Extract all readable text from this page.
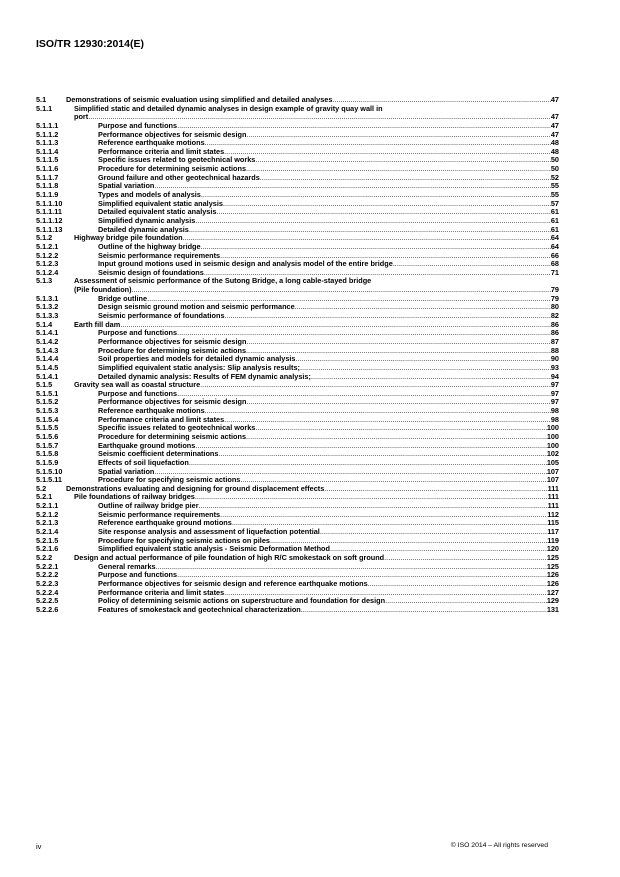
ISO/TR 12930:2014(E)
5.1	Demonstrations of seismic evaluation using simplified and detailed analyses .....	47
5.1.1	Simplified static and detailed dynamic analyses in design example of gravity quay wall in
port .....	47
5.1.1.1	Purpose and functions .....	47
5.1.1.2	Performance objectives for seismic design .....	47
5.1.1.3	Reference earthquake motions .....	48
5.1.1.4	Performance criteria and limit states .....	48
5.1.1.5	Specific issues related to geotechnical works .....	50
5.1.1.6	Procedure for determining seismic actions .....	50
5.1.1.7	Ground failure and other geotechnical hazards .....	52
5.1.1.8	Spatial variation .....	55
5.1.1.9	Types and models of analysis .....	55
5.1.1.10	Simplified equivalent static analysis .....	57
5.1.1.11	Detailed equivalent static analysis .....	61
5.1.1.12	Simplified dynamic analysis .....	61
5.1.1.13	Detailed dynamic analysis .....	61
5.1.2	Highway bridge pile foundation .....	64
5.1.2.1	Outline of the highway bridge .....	64
5.1.2.2	Seismic performance requirements .....	66
5.1.2.3	Input ground motions used in seismic design and analysis model of the entire bridge .....	68
5.1.2.4	Seismic design of foundations .....	71
5.1.3	Assessment of seismic performance of the Sutong Bridge, a long cable-stayed bridge
(Pile foundation) .....	79
5.1.3.1	Bridge outline .....	79
5.1.3.2	Design seismic ground motion and seismic performance .....	80
5.1.3.3	Seismic performance of foundations .....	82
5.1.4	Earth fill dam .....	86
5.1.4.1	Purpose and functions .....	86
5.1.4.2	Performance objectives for seismic design .....	87
5.1.4.3	Procedure for determining seismic actions .....	88
5.1.4.4	Soil properties and models for detailed dynamic analysis .....	90
5.1.4.5	Simplified equivalent static analysis: Slip analysis results; .....	93
5.1.4.1	Detailed dynamic analysis: Results of FEM dynamic analysis; .....	94
5.1.5	Gravity sea wall as coastal structure .....	97
5.1.5.1	Purpose and functions .....	97
5.1.5.2	Performance objectives for seismic design .....	97
5.1.5.3	Reference earthquake motions .....	98
5.1.5.4	Performance criteria and limit states .....	98
5.1.5.5	Specific issues related to geotechnical works .....	100
5.1.5.6	Procedure for determining seismic actions .....	100
5.1.5.7	Earthquake ground motions .....	100
5.1.5.8	Seismic coefficient determinations .....	102
5.1.5.9	Effects of soil liquefaction .....	105
5.1.5.10	Spatial variation .....	107
5.1.5.11	Procedure for specifying seismic actions .....	107
5.2	Demonstrations evaluating and designing for ground displacement effects .....	111
5.2.1	Pile foundations of railway bridges .....	111
5.2.1.1	Outline of railway bridge pier .....	111
5.2.1.2	Seismic performance requirements .....	112
5.2.1.3	Reference earthquake ground motions .....	115
5.2.1.4	Site response analysis and assessment of liquefaction potential .....	117
5.2.1.5	Procedure for specifying seismic actions on piles .....	119
5.2.1.6	Simplified equivalent static analysis - Seismic Deformation Method .....	120
5.2.2	Design and actual performance of pile foundation of high R/C smokestack on soft ground .....	125
5.2.2.1	General remarks .....	125
5.2.2.2	Purpose and functions .....	126
5.2.2.3	Performance objectives for seismic design and reference earthquake motions .....	126
5.2.2.4	Performance criteria and limit states .....	127
5.2.2.5	Policy of determining seismic actions on superstructure and foundation for design .....	129
5.2.2.6	Features of smokestack and geotechnical characterization .....	131
iv	© ISO 2014 – All rights reserved
